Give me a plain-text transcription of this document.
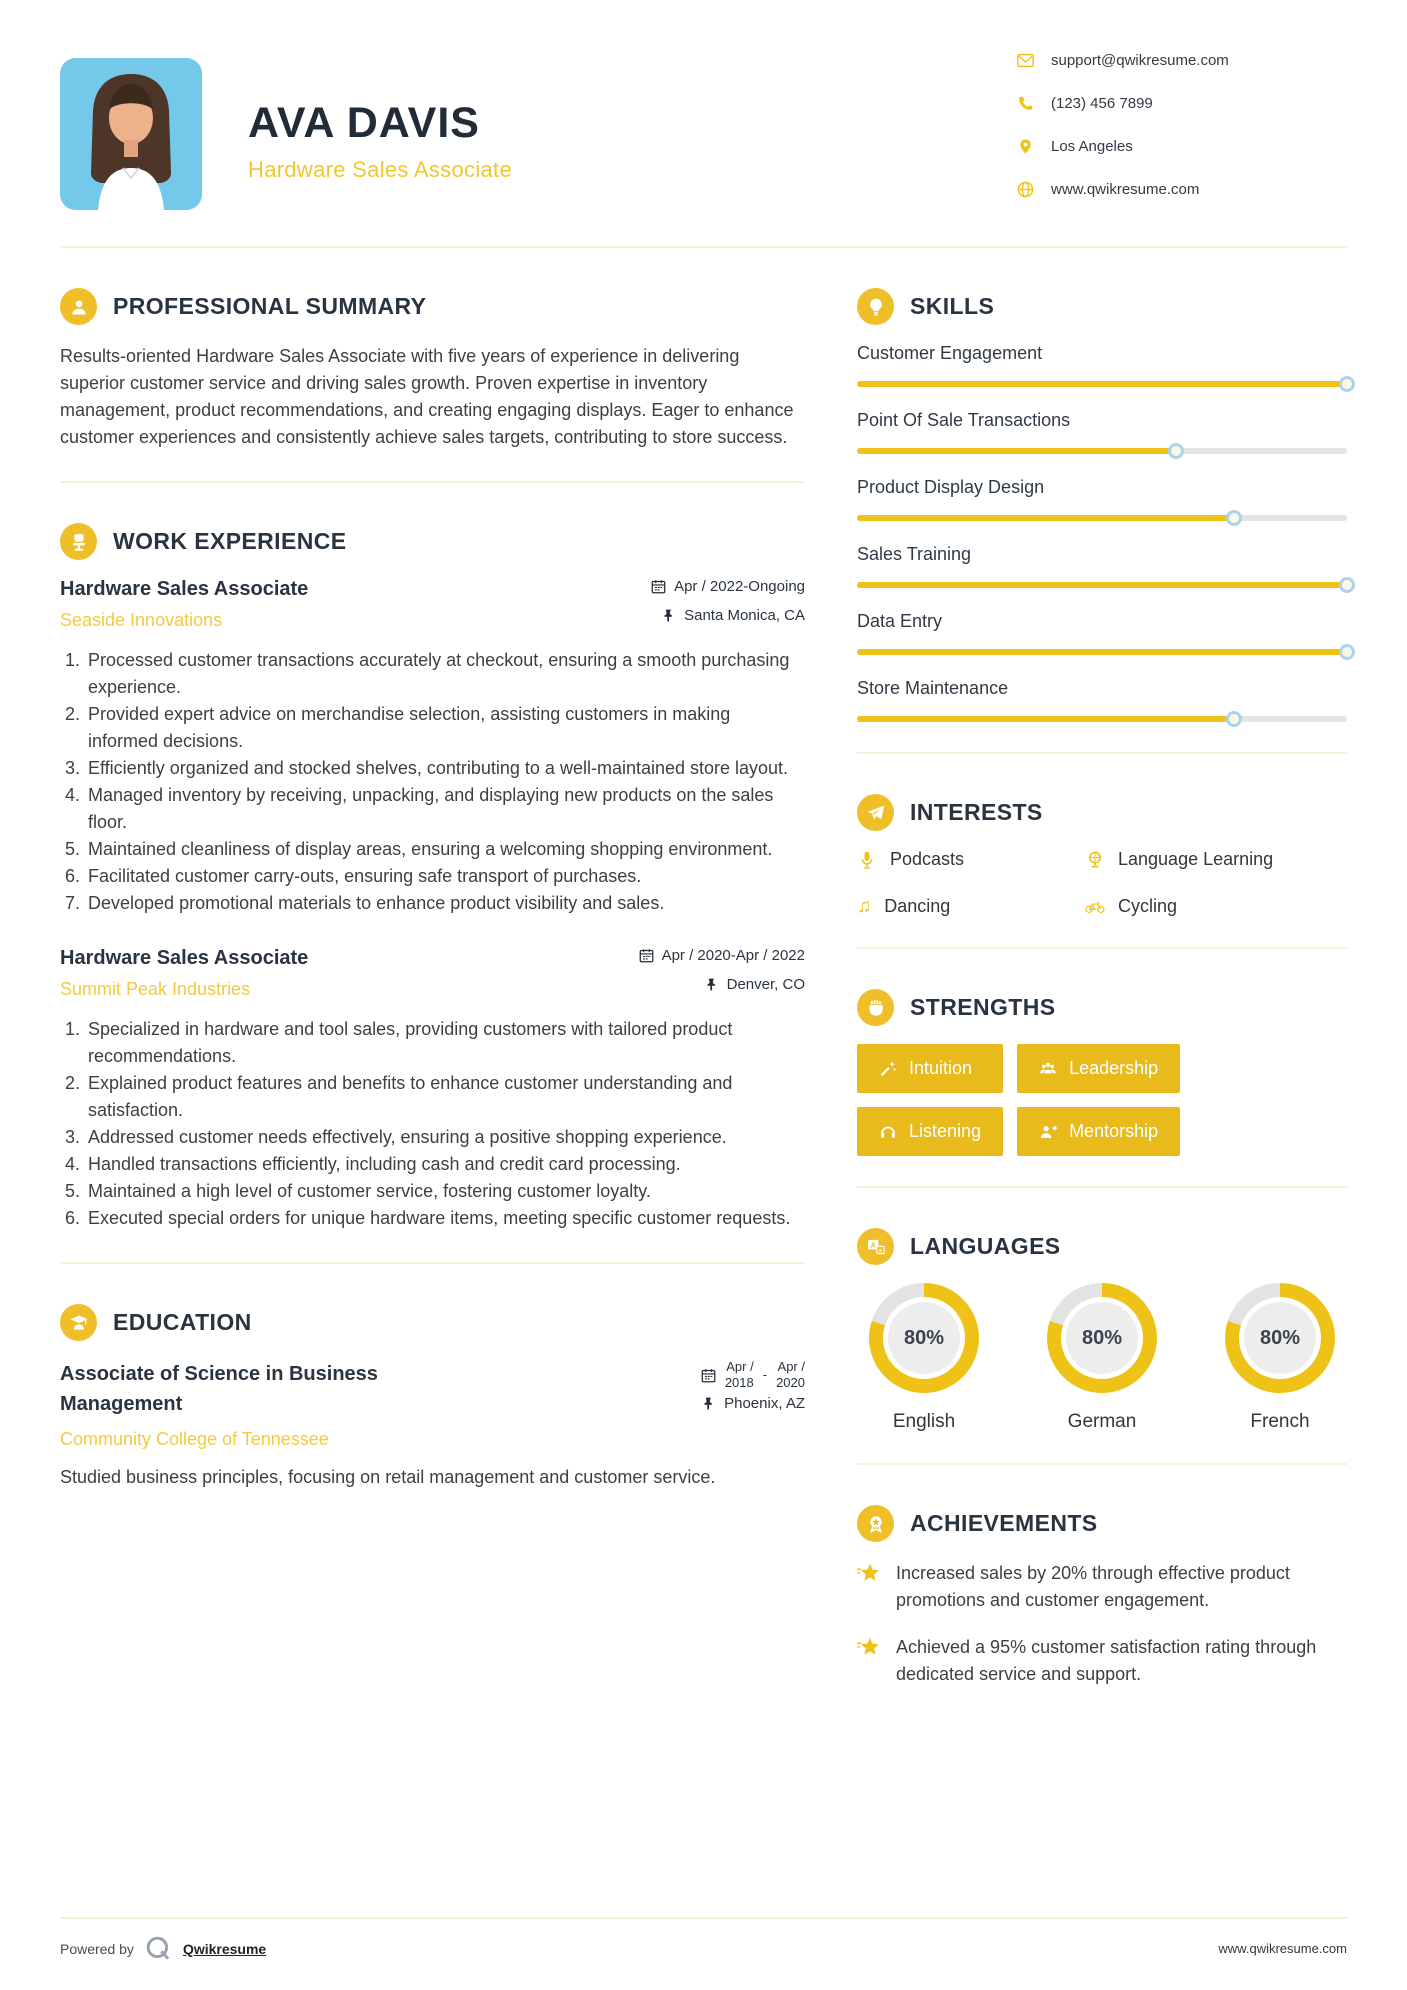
AVA DAVIS
Hardware Sales Associate
support@qwikresume.com
(123) 456 7899
Los Angeles
www.qwikresume.com
PROFESSIONAL SUMMARY

Results-oriented Hardware Sales Associate with five years of experience in delivering superior customer service and driving sales growth. Proven expertise in inventory management, product recommendations, and creating engaging displays. Eager to enhance customer experiences and consistently achieve sales targets, contributing to store success.

WORK EXPERIENCE
Hardware Sales Associate
Seaside Innovations
Apr / 2022-Ongoing
Santa Monica, CA
1. Processed customer transactions accurately at checkout, ensuring a smooth purchasing experience.
2. Provided expert advice on merchandise selection, assisting customers in making informed decisions.
3. Efficiently organized and stocked shelves, contributing to a well-maintained store layout.
4. Managed inventory by receiving, unpacking, and displaying new products on the sales floor.
5. Maintained cleanliness of display areas, ensuring a welcoming shopping environment.
6. Facilitated customer carry-outs, ensuring safe transport of purchases.
7. Developed promotional materials to enhance product visibility and sales.
Hardware Sales Associate
Summit Peak Industries
Apr / 2020-Apr / 2022
Denver, CO
1. Specialized in hardware and tool sales, providing customers with tailored product recommendations.
2. Explained product features and benefits to enhance customer understanding and satisfaction.
3. Addressed customer needs effectively, ensuring a positive shopping experience.
4. Handled transactions efficiently, including cash and credit card processing.
5. Maintained a high level of customer service, fostering customer loyalty.
6. Executed special orders for unique hardware items, meeting specific customer requests.
EDUCATION
Associate of Science in Business Management
Apr /
2018
-
Apr /
2020
Phoenix, AZ
Community College of Tennessee
Studied business principles, focusing on retail management and customer service.
SKILLS
Customer Engagement
Point Of Sale Transactions
Product Display Design
Sales Training
Data Entry
Store Maintenance
INTERESTS
Podcasts	Language Learning
♫ Dancing	Cycling
STRENGTHS
Intuition	Leadership
Listening	Mentorship
A
a LANGUAGES
80%
English
80%
German
80%
French
ACHIEVEMENTS
Increased sales by 20% through effective product promotions and customer engagement.
Achieved a 95% customer satisfaction rating through dedicated service and support.
Powered by	Qwikresume	www.qwikresume.com
